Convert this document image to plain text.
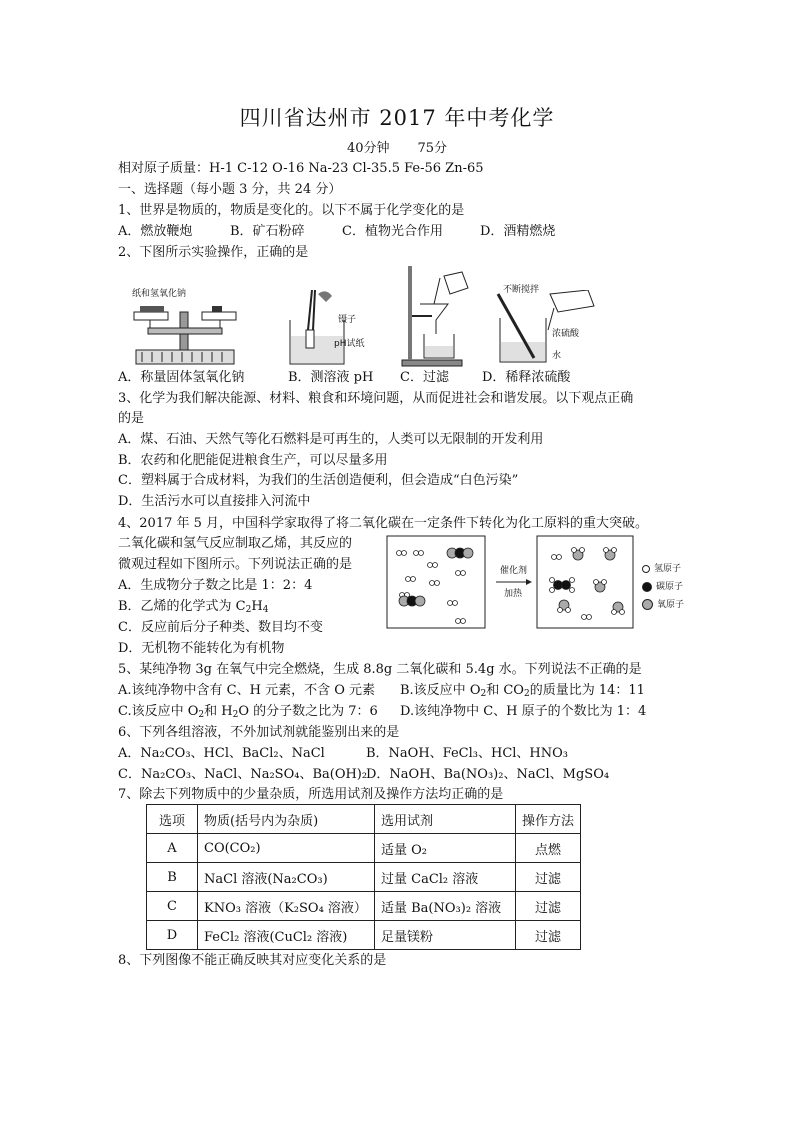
四川省达州市 2017 年中考化学
40分钟 75分
相对原子质量：H-1 C-12 O-16 Na-23 Cl-35.5 Fe-56 Zn-65
一、选择题（每小题 3 分，共 24 分）
1、世界是物质的，物质是变化的。以下不属于化学变化的是
A．燃放鞭炮	B．矿石粉碎	C．植物光合作用	D．酒精燃烧
2、下图所示实验操作，正确的是
纸和氢氧化钠
镊子
pH试纸
不断搅拌
浓硫酸
水
A．称量固体氢氧化钠	B．测溶液 pH C．过滤	D．稀释浓硫酸
3、化学为我们解决能源、材料、粮食和环境问题，从而促进社会和谐发展。以下观点正确
的是
A．煤、石油、天然气等化石燃料是可再生的，人类可以无限制的开发利用
B．农药和化肥能促进粮食生产，可以尽量多用
C．塑料属于合成材料，为我们的生活创造便利，但会造成“白色污染”
D．生活污水可以直接排入河流中
4、2017 年 5 月，中国科学家取得了将二氧化碳在一定条件下转化为化工原料的重大突破。
二氧化碳和氢气反应制取乙烯，其反应的
微观过程如下图所示。下列说法正确的是
A．生成物分子数之比是 1：2：4
B．乙烯的化学式为 $C_2H_4$
C．反应前后分子种类、数目均不变
D．无机物不能转化为有机物
催化剂
加热
氢原子
碳原子
氧原子
5、某纯净物 3g 在氧气中完全燃烧，生成 8.8g 二氧化碳和 5.4g 水。下列说法不正确的是
A.该纯净物中含有 C、H 元素，不含 O 元素 B.该反应中 $O_2$和 $CO_2$的质量比为 14：11
C.该反应中 $O_2$和 $H_2O$ 的分子数之比为 7：6 D.该纯净物中 C、H 原子的个数比为 1：4
6、下列各组溶液，不外加试剂就能鉴别出来的是
A．Na₂CO₃、HCl、BaCl₂、NaCl	B．NaOH、FeCl₃、HCl、HNO₃
C．Na₂CO₃、NaCl、Na₂SO₄、Ba(OH)₂D．NaOH、Ba(NO₃)₂、NaCl、MgSO₄
7、除去下列物质中的少量杂质，所选用试剂及操作方法均正确的是
选项	物质(括号内为杂质)	选用试剂	操作方法
A	CO(CO₂)	适量 O₂	点燃
B	NaCl 溶液(Na₂CO₃)	过量 CaCl₂ 溶液	过滤
C	KNO₃ 溶液（K₂SO₄ 溶液）	适量 Ba(NO₃)₂ 溶液	过滤
D	FeCl₂ 溶液(CuCl₂ 溶液)	足量镁粉	过滤
8、下列图像不能正确反映其对应变化关系的是
